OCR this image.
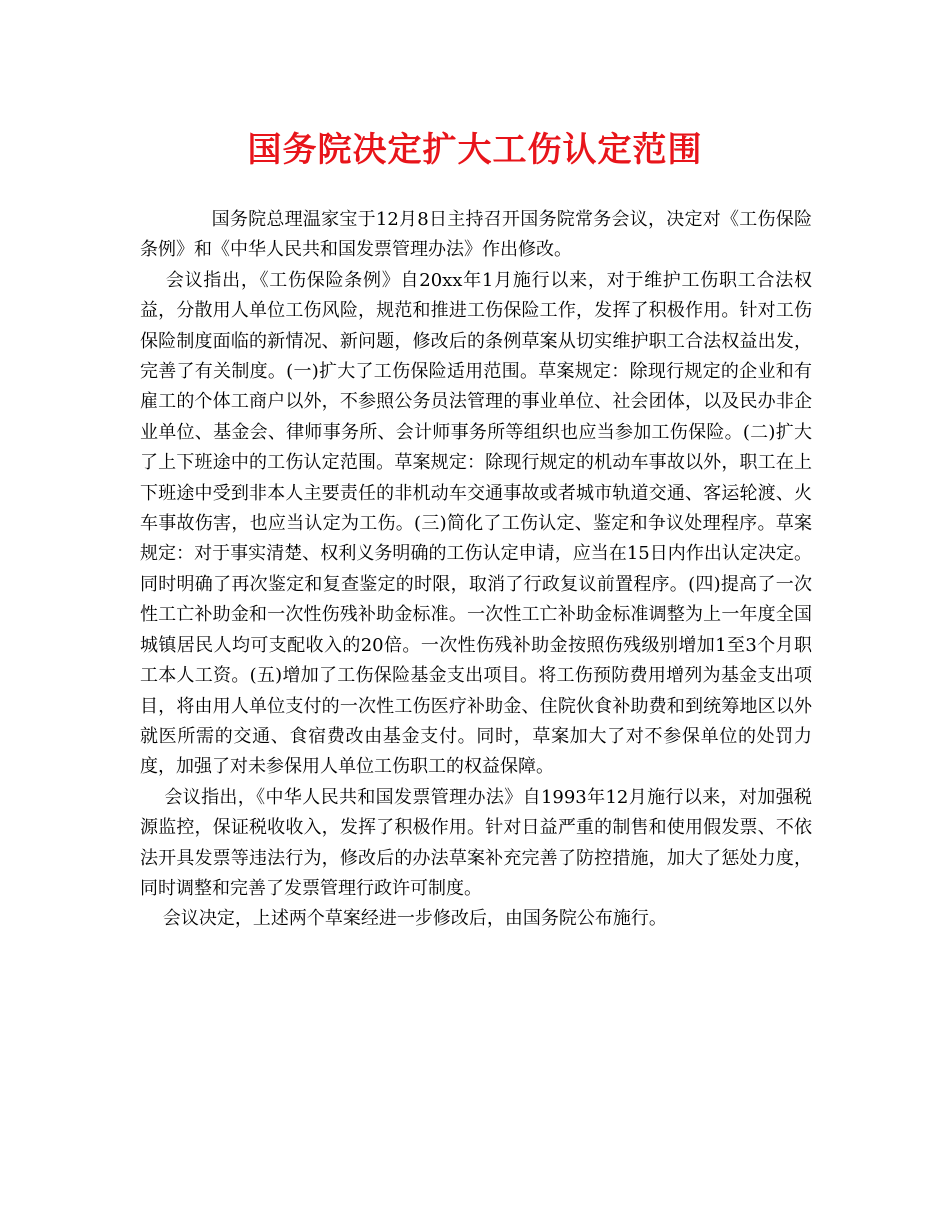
国务院决定扩大工伤认定范围

国务院总理温家宝于12月8日主持召开国务院常务会议，决定对《工伤保险条例》和《中华人民共和国发票管理办法》作出修改。

会议指出，《工伤保险条例》自20xx年1月施行以来，对于维护工伤职工合法权益，分散用人单位工伤风险，规范和推进工伤保险工作，发挥了积极作用。针对工伤保险制度面临的新情况、新问题，修改后的条例草案从切实维护职工合法权益出发，完善了有关制度。(一)扩大了工伤保险适用范围。草案规定：除现行规定的企业和有雇工的个体工商户以外，不参照公务员法管理的事业单位、社会团体，以及民办非企业单位、基金会、律师事务所、会计师事务所等组织也应当参加工伤保险。(二)扩大了上下班途中的工伤认定范围。草案规定：除现行规定的机动车事故以外，职工在上下班途中受到非本人主要责任的非机动车交通事故或者城市轨道交通、客运轮渡、火车事故伤害，也应当认定为工伤。(三)简化了工伤认定、鉴定和争议处理程序。草案规定：对于事实清楚、权利义务明确的工伤认定申请，应当在15日内作出认定决定。同时明确了再次鉴定和复查鉴定的时限，取消了行政复议前置程序。(四)提高了一次性工亡补助金和一次性伤残补助金标准。一次性工亡补助金标准调整为上一年度全国城镇居民人均可支配收入的20倍。一次性伤残补助金按照伤残级别增加1至3个月职工本人工资。(五)增加了工伤保险基金支出项目。将工伤预防费用增列为基金支出项目，将由用人单位支付的一次性工伤医疗补助金、住院伙食补助费和到统筹地区以外就医所需的交通、食宿费改由基金支付。同时，草案加大了对不参保单位的处罚力度，加强了对未参保用人单位工伤职工的权益保障。

会议指出，《中华人民共和国发票管理办法》自1993年12月施行以来，对加强税源监控，保证税收收入，发挥了积极作用。针对日益严重的制售和使用假发票、不依法开具发票等违法行为，修改后的办法草案补充完善了防控措施，加大了惩处力度，同时调整和完善了发票管理行政许可制度。

会议决定，上述两个草案经进一步修改后，由国务院公布施行。
